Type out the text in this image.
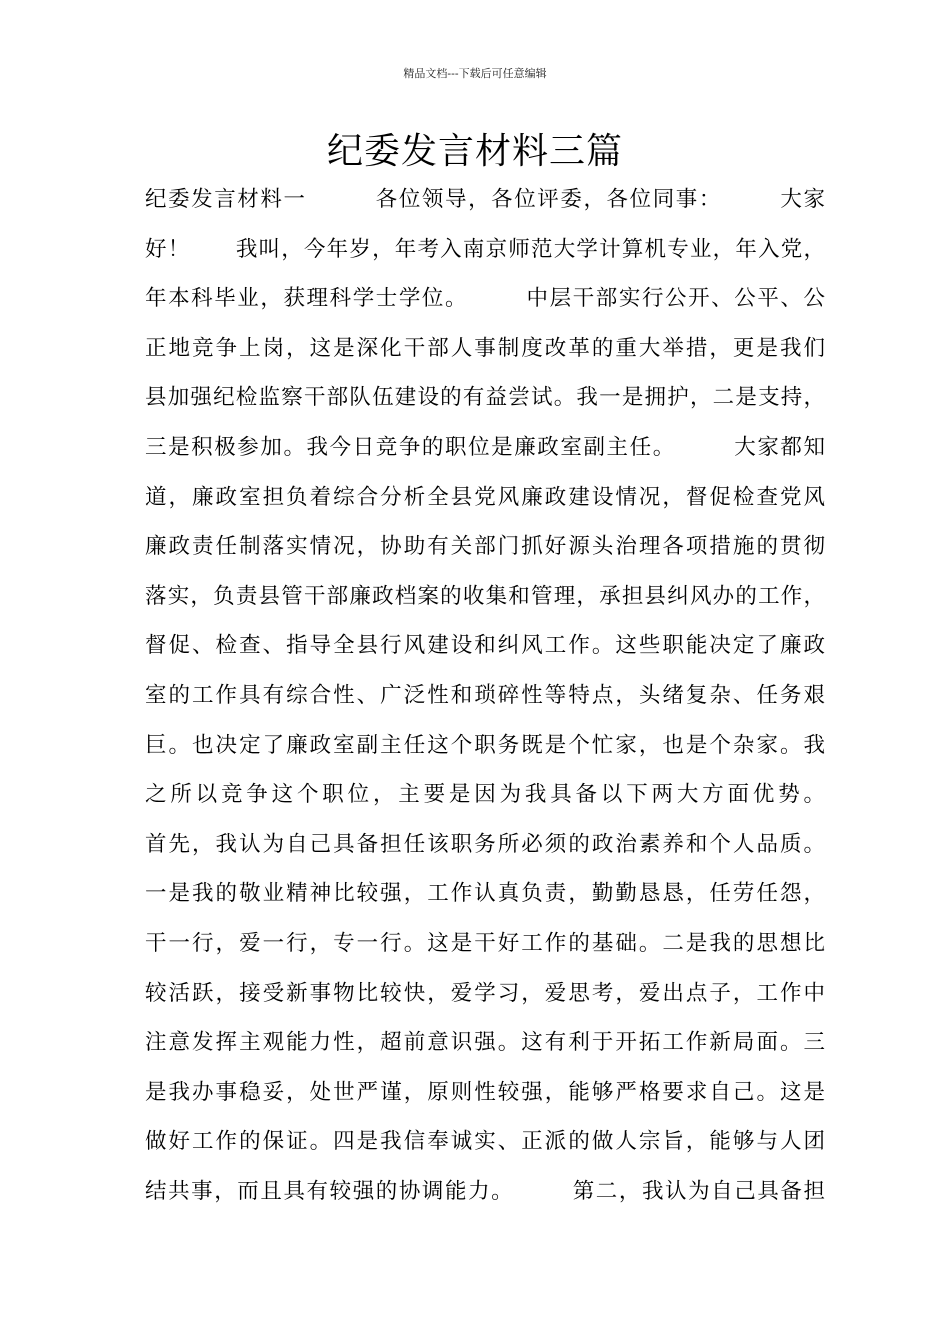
精品文档---下载后可任意编辑
纪委发言材料三篇
纪委发言材料一　　　各位领导，各位评委，各位同事：　　　大家
好！　　我叫，今年岁，年考入南京师范大学计算机专业，年入党，
年本科毕业，获理科学士学位。　　　中层干部实行公开、公平、公
正地竞争上岗，这是深化干部人事制度改革的重大举措，更是我们
县加强纪检监察干部队伍建设的有益尝试。我一是拥护，二是支持，
三是积极参加。我今日竞争的职位是廉政室副主任。　　　大家都知
道，廉政室担负着综合分析全县党风廉政建设情况，督促检查党风
廉政责任制落实情况，协助有关部门抓好源头治理各项措施的贯彻
落实，负责县管干部廉政档案的收集和管理，承担县纠风办的工作，
督促、检查、指导全县行风建设和纠风工作。这些职能决定了廉政
室的工作具有综合性、广泛性和琐碎性等特点，头绪复杂、任务艰
巨。也决定了廉政室副主任这个职务既是个忙家，也是个杂家。我
之所以竞争这个职位，主要是因为我具备以下两大方面优势。
首先，我认为自己具备担任该职务所必须的政治素养和个人品质。
一是我的敬业精神比较强，工作认真负责，勤勤恳恳，任劳任怨，
干一行，爱一行，专一行。这是干好工作的基础。二是我的思想比
较活跃，接受新事物比较快，爱学习，爱思考，爱出点子，工作中
注意发挥主观能力性，超前意识强。这有利于开拓工作新局面。三
是我办事稳妥，处世严谨，原则性较强，能够严格要求自己。这是
做好工作的保证。四是我信奉诚实、正派的做人宗旨，能够与人团
结共事，而且具有较强的协调能力。　　　第二，我认为自己具备担
